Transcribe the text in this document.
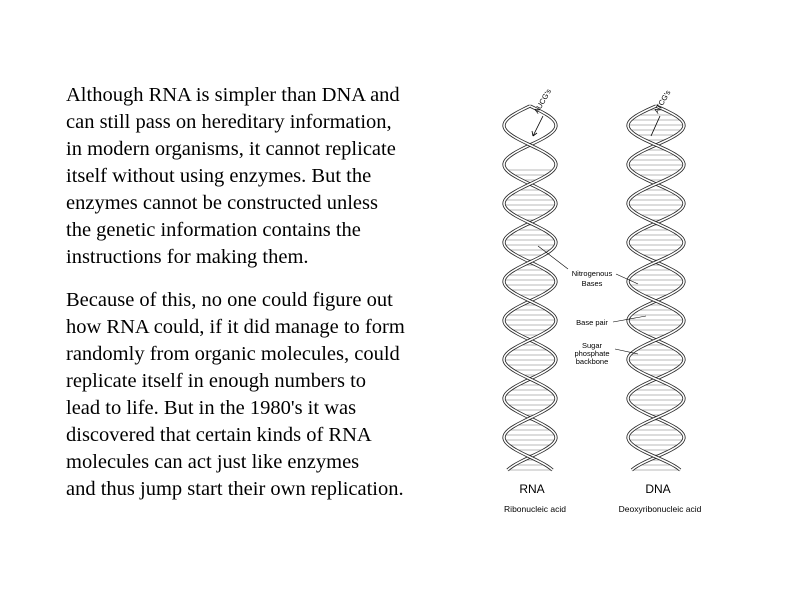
Although RNA is simpler than DNA and
can still pass on hereditary information,
in modern organisms, it cannot replicate
itself without using enzymes. But the
enzymes cannot be constructed unless
the genetic information contains the
instructions for making them.

Because of this, no one could figure out
how RNA could, if it did manage to form
randomly from organic molecules, could
replicate itself in enough numbers to
lead to life. But in the 1980's it was
discovered that certain kinds of RNA
molecules can act just like enzymes
and thus jump start their own replication.

AUCG's	ATCG's
Nitrogenous
Bases
Base pair
Sugar
phosphate
backbone
RNA
Ribonucleic acid
DNA
Deoxyribonucleic acid
